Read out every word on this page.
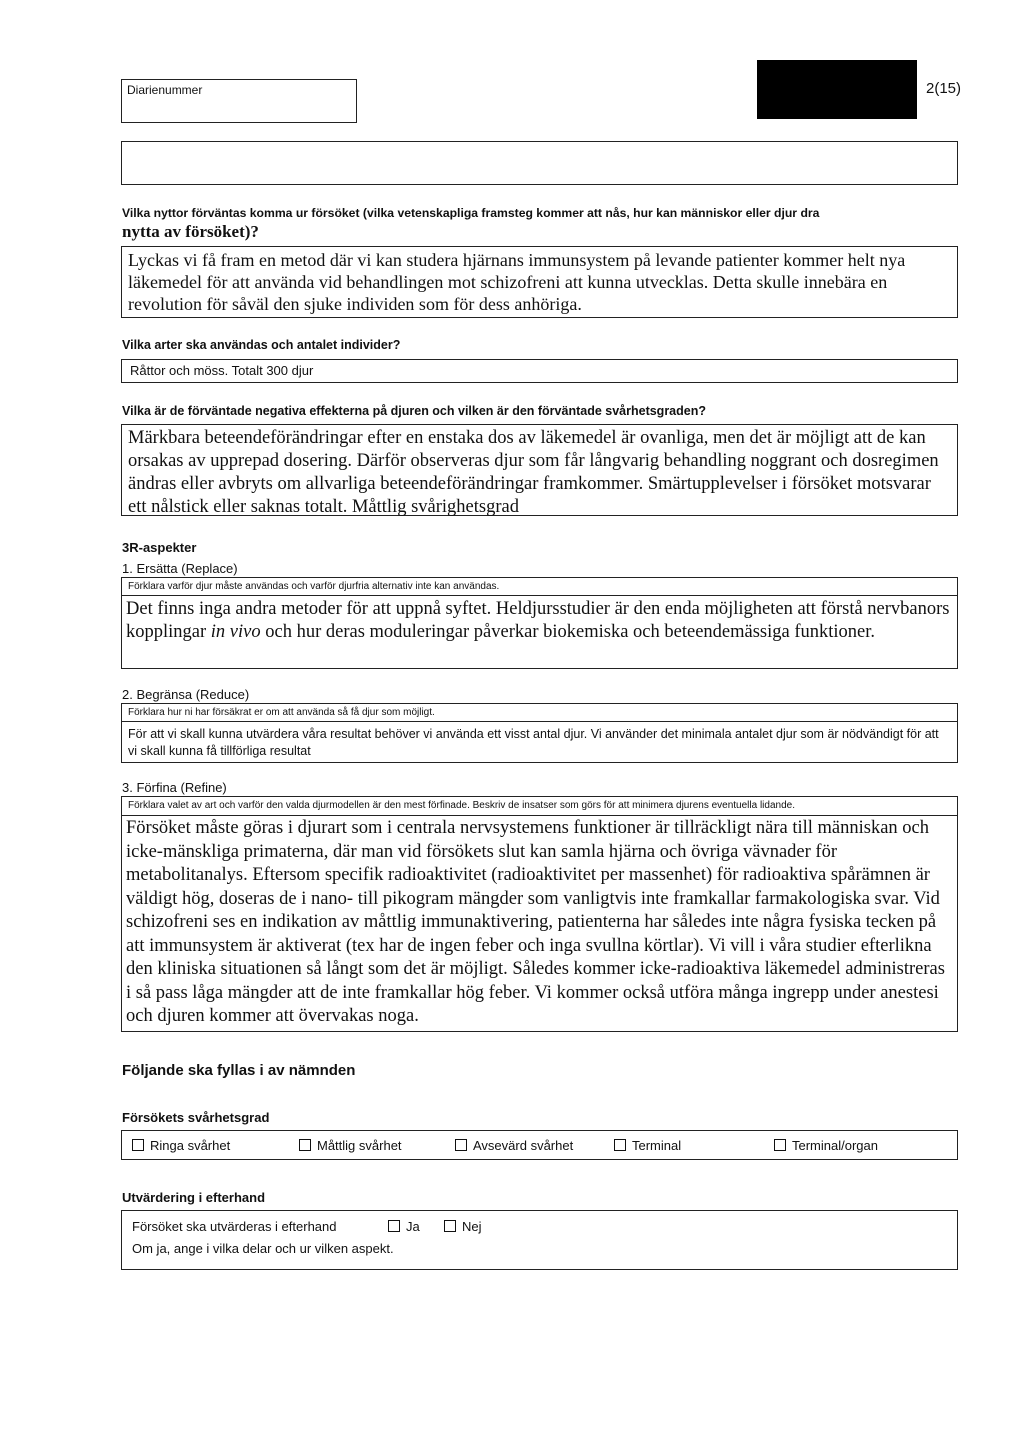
Diarienummer	2(15)
Vilka nyttor förväntas komma ur försöket (vilka vetenskapliga framsteg kommer att nås, hur kan människor eller djur dra
nytta av försöket)?
Lyckas vi få fram en metod där vi kan studera hjärnans immunsystem på levande patienter kommer helt nya läkemedel för att använda vid behandlingen mot schizofreni att kunna utvecklas. Detta skulle innebära en revolution för såväl den sjuke individen som för dess anhöriga.
Vilka arter ska användas och antalet individer?
Råttor och möss. Totalt 300 djur
Vilka är de förväntade negativa effekterna på djuren och vilken är den förväntade svårhetsgraden?
Märkbara beteendeförändringar efter en enstaka dos av läkemedel är ovanliga, men det är möjligt att de kan orsakas av upprepad dosering. Därför observeras djur som får långvarig behandling noggrant och dosregimen ändras eller avbryts om allvarliga beteendeförändringar framkommer. Smärtupplevelser i försöket motsvarar ett nålstick eller saknas totalt. Måttlig svårighetsgrad
3R-aspekter
1. Ersätta (Replace)
Förklara varför djur måste användas och varför djurfria alternativ inte kan användas.
Det finns inga andra metoder för att uppnå syftet. Heldjursstudier är den enda möjligheten att förstå nervbanors kopplingar in vivo och hur deras moduleringar påverkar biokemiska och beteendemässiga funktioner.
2. Begränsa (Reduce)
Förklara hur ni har försäkrat er om att använda så få djur som möjligt.
För att vi skall kunna utvärdera våra resultat behöver vi använda ett visst antal djur. Vi använder det minimala antalet djur som är nödvändigt för att vi skall kunna få tillförliga resultat
3. Förfina (Refine)
Förklara valet av art och varför den valda djurmodellen är den mest förfinade. Beskriv de insatser som görs för att minimera djurens eventuella lidande.
Försöket måste göras i djurart som i centrala nervsystemens funktioner är tillräckligt nära till människan och icke-mänskliga primaterna, där man vid försökets slut kan samla hjärna och övriga vävnader för metabolitanalys. Eftersom specifik radioaktivitet (radioaktivitet per massenhet) för radioaktiva spårämnen är väldigt hög, doseras de i nano- till pikogram mängder som vanligtvis inte framkallar farmakologiska svar. Vid schizofreni ses en indikation av måttlig immunaktivering, patienterna har således inte några fysiska tecken på att immunsystem är aktiverat (tex har de ingen feber och inga svullna körtlar). Vi vill i våra studier efterlikna den kliniska situationen så långt som det är möjligt. Således kommer icke-radioaktiva läkemedel administreras i så pass låga mängder att de inte framkallar hög feber. Vi kommer också utföra många ingrepp under anestesi och djuren kommer att övervakas noga.
Följande ska fyllas i av nämnden
Försökets svårhetsgrad
Ringa svårhet	Måttlig svårhet	Avsevärd svårhet	Terminal	Terminal/organ
Utvärdering i efterhand
Försöket ska utvärderas i efterhand	Ja	Nej
Om ja, ange i vilka delar och ur vilken aspekt.
